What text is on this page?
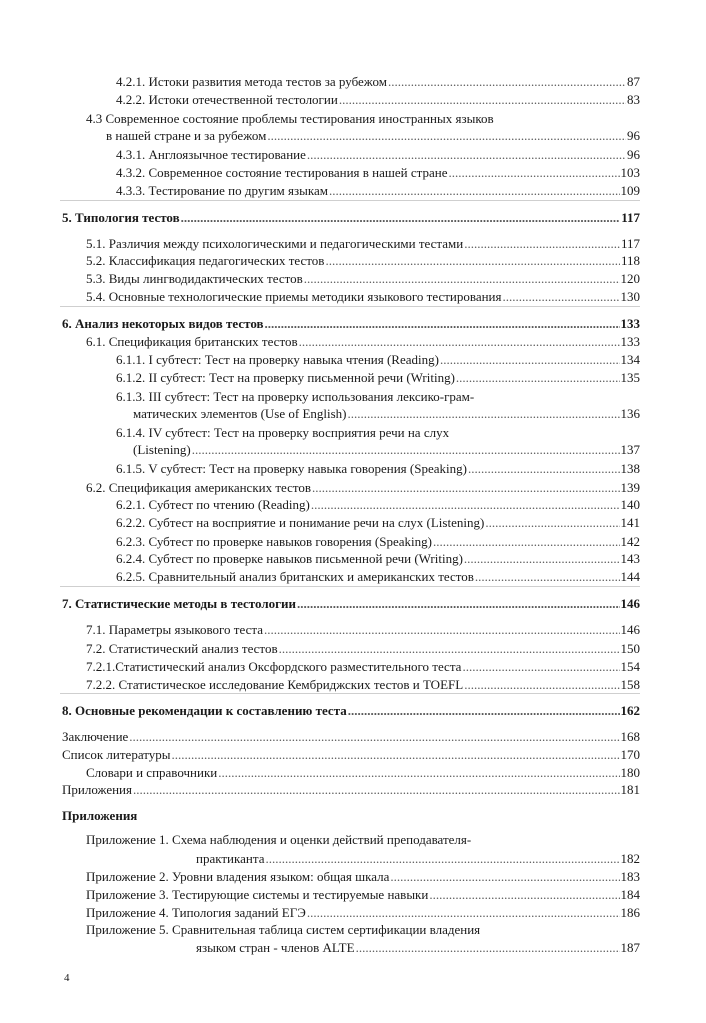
4.2.1. Истоки развития метода тестов за рубежом .....	87
4.2.2. Истоки отечественной тестологии .....	83
4.3 Современное состояние проблемы тестирования иностранных языков
в нашей стране и за рубежом .....	96
4.3.1. Англоязычное тестирование .....	96
4.3.2. Современное состояние тестирования в нашей стране .....	103
4.3.3. Тестирование по другим языкам .....	109
5. Типология тестов .....	117
5.1. Различия между психологическими и педагогическими тестами .....	117
5.2. Классификация педагогических тестов .....	118
5.3. Виды лингводидактических тестов .....	120
5.4. Основные технологические приемы методики языкового тестирования .....	130
6. Анализ некоторых видов тестов .....	133
6.1. Спецификация британских тестов .....	133
6.1.1. I субтест: Тест на проверку навыка чтения (Reading) .....	134
6.1.2. II субтест: Тест на проверку письменной речи (Writing) .....	135
6.1.3. III субтест: Тест на проверку использования лексико-грам-
матических элементов (Use of English) .....	136
6.1.4. IV субтест: Тест на проверку восприятия речи на слух
(Listening) .....	137
6.1.5. V субтест: Тест на проверку навыка говорения (Speaking) .....	138
6.2. Спецификация американских тестов .....	139
6.2.1. Субтест по чтению (Reading) .....	140
6.2.2. Субтест на восприятие и понимание речи на слух (Listening) .....	141
6.2.3. Субтест по проверке навыков говорения (Speaking) .....	142
6.2.4. Субтест по проверке навыков письменной речи (Writing) .....	143
6.2.5. Сравнительный анализ британских и американских тестов .....	144
7. Статистические методы в тестологии .....	146
7.1. Параметры языкового теста .....	146
7.2. Статистический анализ тестов .....	150
7.2.1.Статистический анализ Оксфордского разместительного теста .....	154
7.2.2. Статистическое исследование Кембриджских тестов и TOEFL .....	158
8. Основные рекомендации к составлению теста .....	162
Заключение .....	168
Список литературы .....	170
Словари и справочники .....	180
Приложения .....	181
Приложения
Приложение 1. Схема наблюдения и оценки действий преподавателя-
практиканта .....	182
Приложение 2. Уровни владения языком: общая шкала .....	183
Приложение 3. Тестирующие системы и тестируемые навыки .....	184
Приложение 4. Типология заданий ЕГЭ .....	186
Приложение 5. Сравнительная таблица систем сертификации владения
языком стран - членов ALTE .....	187
4
